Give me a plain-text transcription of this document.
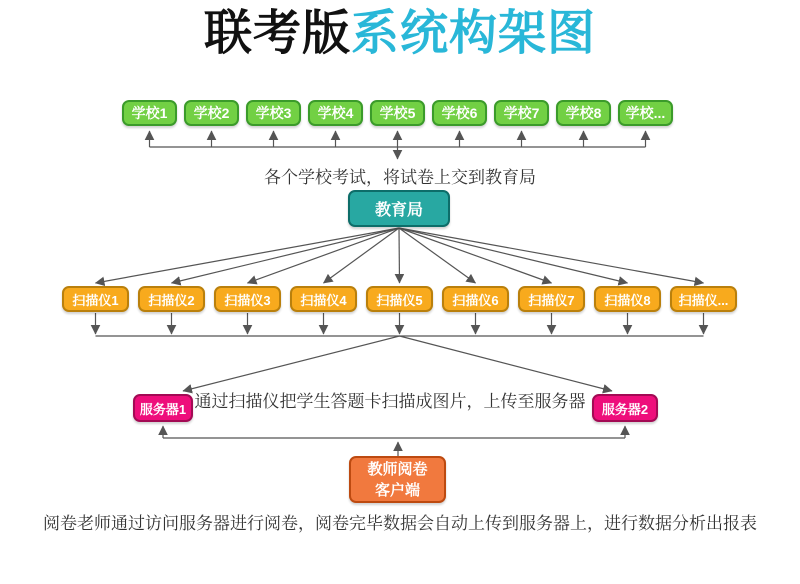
联考版系统构架图
学校1	学校2	学校3	学校4	学校5	学校6	学校7	学校8	学校...
各个学校考试，将试卷上交到教育局
教育局
扫描仪1	扫描仪2	扫描仪3	扫描仪4	扫描仪5	扫描仪6	扫描仪7	扫描仪8	扫描仪...
通过扫描仪把学生答题卡扫描成图片，上传至服务器
服务器1	服务器2
教师阅卷
客户端
阅卷老师通过访问服务器进行阅卷，阅卷完毕数据会自动上传到服务器上，进行数据分析出报表
